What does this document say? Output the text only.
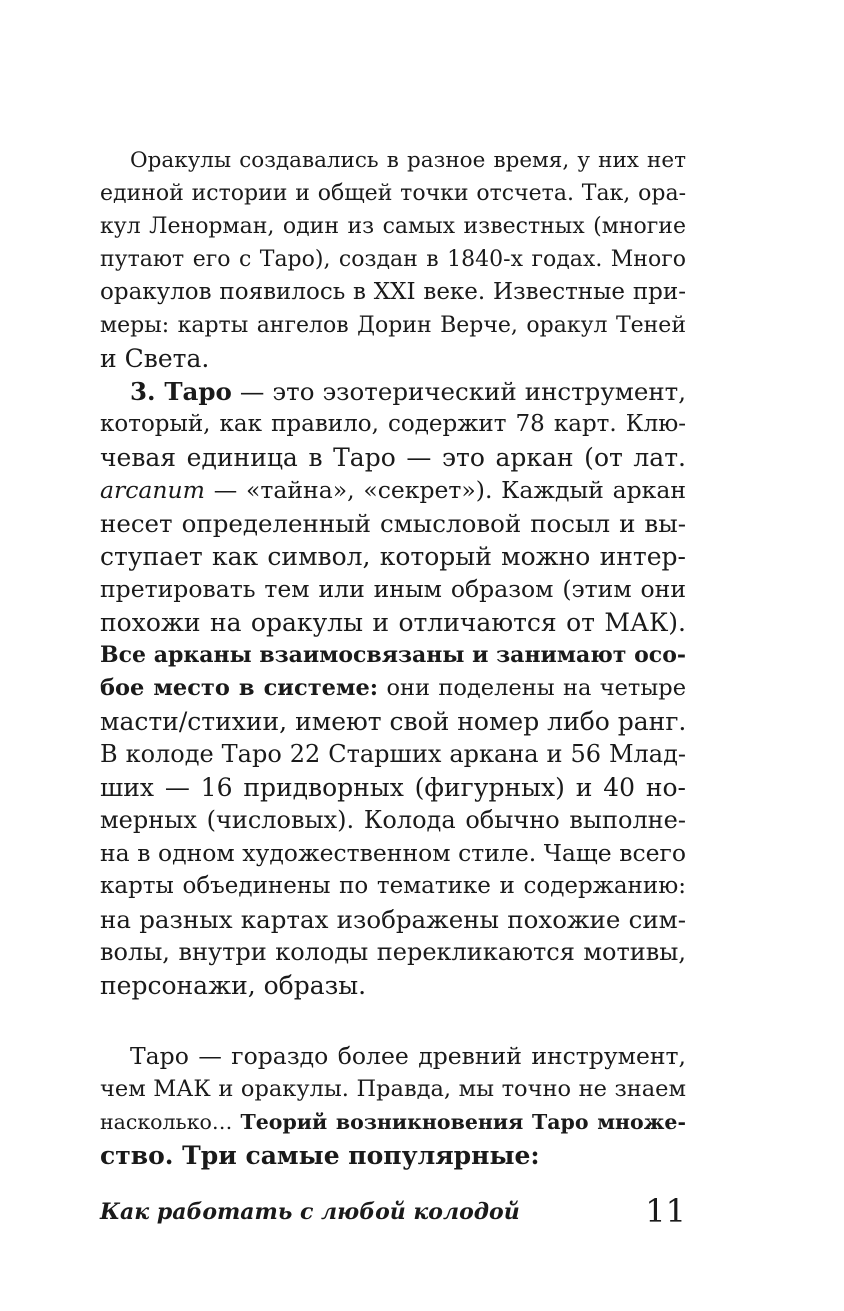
Оракулы создавались в разное время, у них нет
единой истории и общей точки отсчета. Так, ора-
кул Ленорман, один из самых известных (многие
путают его с Таро), создан в 1840-х годах. Много
оракулов появилось в XXI веке. Известные при-
меры: карты ангелов Дорин Верче, оракул Теней
и Света.
3. Таро — это эзотерический инструмент,
который, как правило, содержит 78 карт. Клю-
чевая единица в Таро — это аркан (от лат.
arcanum — «тайна», «секрет»). Каждый аркан
несет определенный смысловой посыл и вы-
ступает как символ, который можно интер-
претировать тем или иным образом (этим они
похожи на оракулы и отличаются от МАК).
Все арканы взаимосвязаны и занимают осо-
бое место в системе: они поделены на четыре
масти/стихии, имеют свой номер либо ранг.
В колоде Таро 22 Старших аркана и 56 Млад-
ших — 16 придворных (фигурных) и 40 но-
мерных (числовых). Колода обычно выполне-
на в одном художественном стиле. Чаще всего
карты объединены по тематике и содержанию:
на разных картах изображены похожие сим-
волы, внутри колоды перекликаются мотивы,
персонажи, образы.
Таро — гораздо более древний инструмент,
чем МАК и оракулы. Правда, мы точно не знаем
насколько… Теорий возникновения Таро множе-
ство. Три самые популярные:
Как работать с любой колодой	11
